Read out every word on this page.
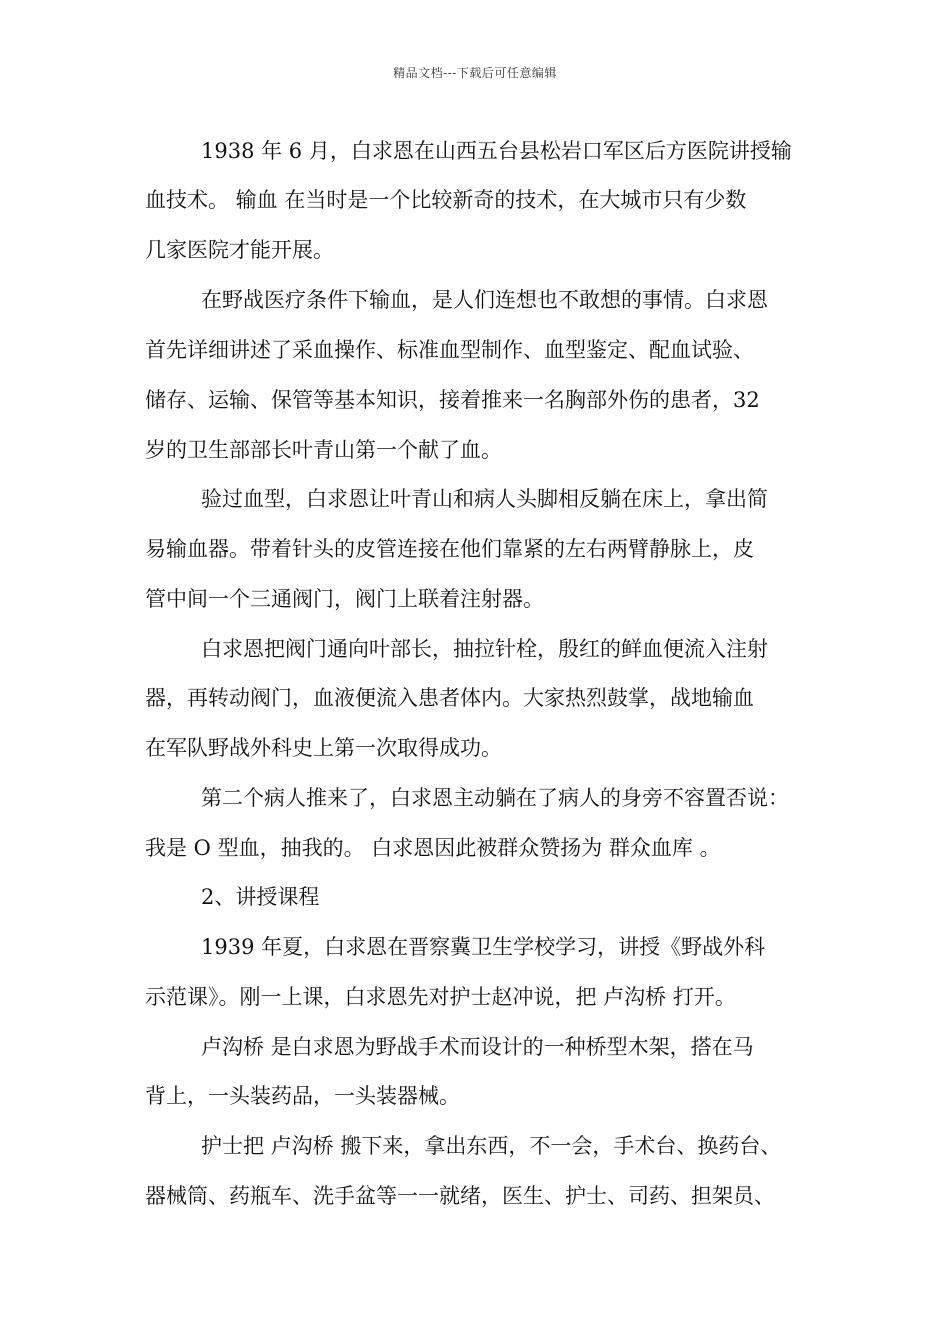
精品文档---下载后可任意编辑
1938 年 6 月，白求恩在山西五台县松岩口军区后方医院讲授输
血技术。 输血 在当时是一个比较新奇的技术，在大城市只有少数
几家医院才能开展。
在野战医疗条件下输血，是人们连想也不敢想的事情。白求恩
首先详细讲述了采血操作、标准血型制作、血型鉴定、配血试验、
储存、运输、保管等基本知识，接着推来一名胸部外伤的患者，32
岁的卫生部部长叶青山第一个献了血。
验过血型，白求恩让叶青山和病人头脚相反躺在床上，拿出简
易输血器。带着针头的皮管连接在他们靠紧的左右两臂静脉上，皮
管中间一个三通阀门，阀门上联着注射器。
白求恩把阀门通向叶部长，抽拉针栓，殷红的鲜血便流入注射
器，再转动阀门，血液便流入患者体内。大家热烈鼓掌，战地输血
在军队野战外科史上第一次取得成功。
第二个病人推来了，白求恩主动躺在了病人的身旁不容置否说：
我是 O 型血，抽我的。 白求恩因此被群众赞扬为 群众血库 。
2、讲授课程
1939 年夏，白求恩在晋察冀卫生学校学习，讲授《野战外科
示范课》。刚一上课，白求恩先对护士赵冲说，把 卢沟桥 打开。
卢沟桥 是白求恩为野战手术而设计的一种桥型木架，搭在马
背上，一头装药品，一头装器械。
护士把 卢沟桥 搬下来，拿出东西，不一会，手术台、换药台、
器械筒、药瓶车、洗手盆等一一就绪，医生、护士、司药、担架员、
